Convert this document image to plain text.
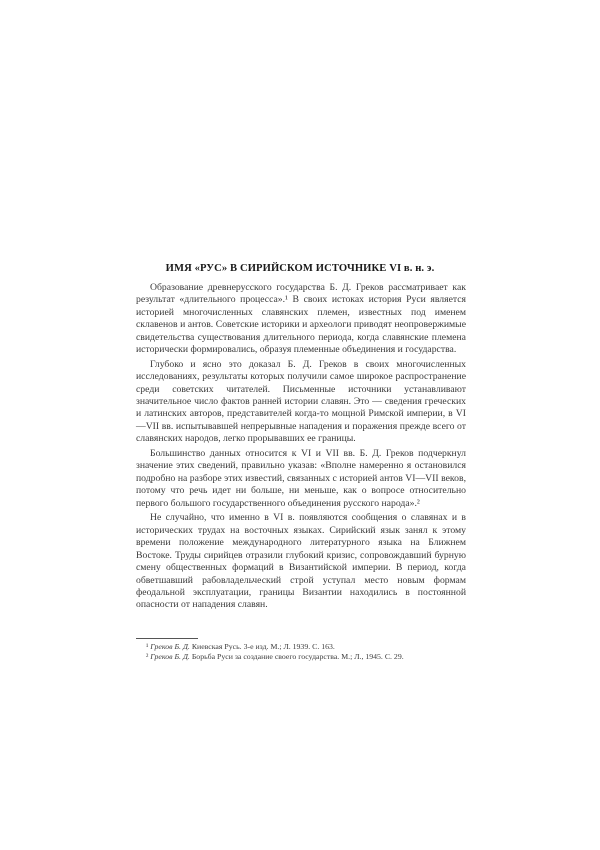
ИМЯ «РУС» В СИРИЙСКОМ ИСТОЧНИКЕ VI в. н. э.

Образование древнерусского государства Б. Д. Греков рассматривает как результат «длительного процесса».¹ В своих истоках история Руси является историей многочисленных славянских племен, известных под именем склавенов и антов. Советские историки и археологи приводят неопровержимые свидетельства существования длительного периода, когда славянские племена исторически формировались, образуя племенные объединения и государства.

Глубоко и ясно это доказал Б. Д. Греков в своих многочисленных исследованиях, результаты которых получили самое широкое распространение среди советских читателей. Письменные источники устанавливают значительное число фактов ранней истории славян. Это — сведения греческих и латинских авторов, представителей когда-то мощной Римской империи, в VI—VII вв. испытывавшей непрерывные нападения и поражения прежде всего от славянских народов, легко прорывавших ее границы.

Большинство данных относится к VI и VII вв. Б. Д. Греков подчеркнул значение этих сведений, правильно указав: «Вполне намеренно я остановился подробно на разборе этих известий, связанных с историей антов VI—VII веков, потому что речь идет ни больше, ни меньше, как о вопросе относительно первого большого государственного объединения русского народа».²

Не случайно, что именно в VI в. появляются сообщения о славянах и в исторических трудах на восточных языках. Сирийский язык занял к этому времени положение международного литературного языка на Ближнем Востоке. Труды сирийцев отразили глубокий кризис, сопровождавший бурную смену общественных формаций в Византийской империи. В период, когда обветшавший рабовладельческий строй уступал место новым формам феодальной эксплуатации, границы Византии находились в постоянной опасности от нападения славян.

¹ Греков Б. Д. Киевская Русь. 3-е изд. М.; Л. 1939. С. 163.
² Греков Б. Д. Борьба Руси за создание своего государства. М.; Л., 1945. С. 29.
